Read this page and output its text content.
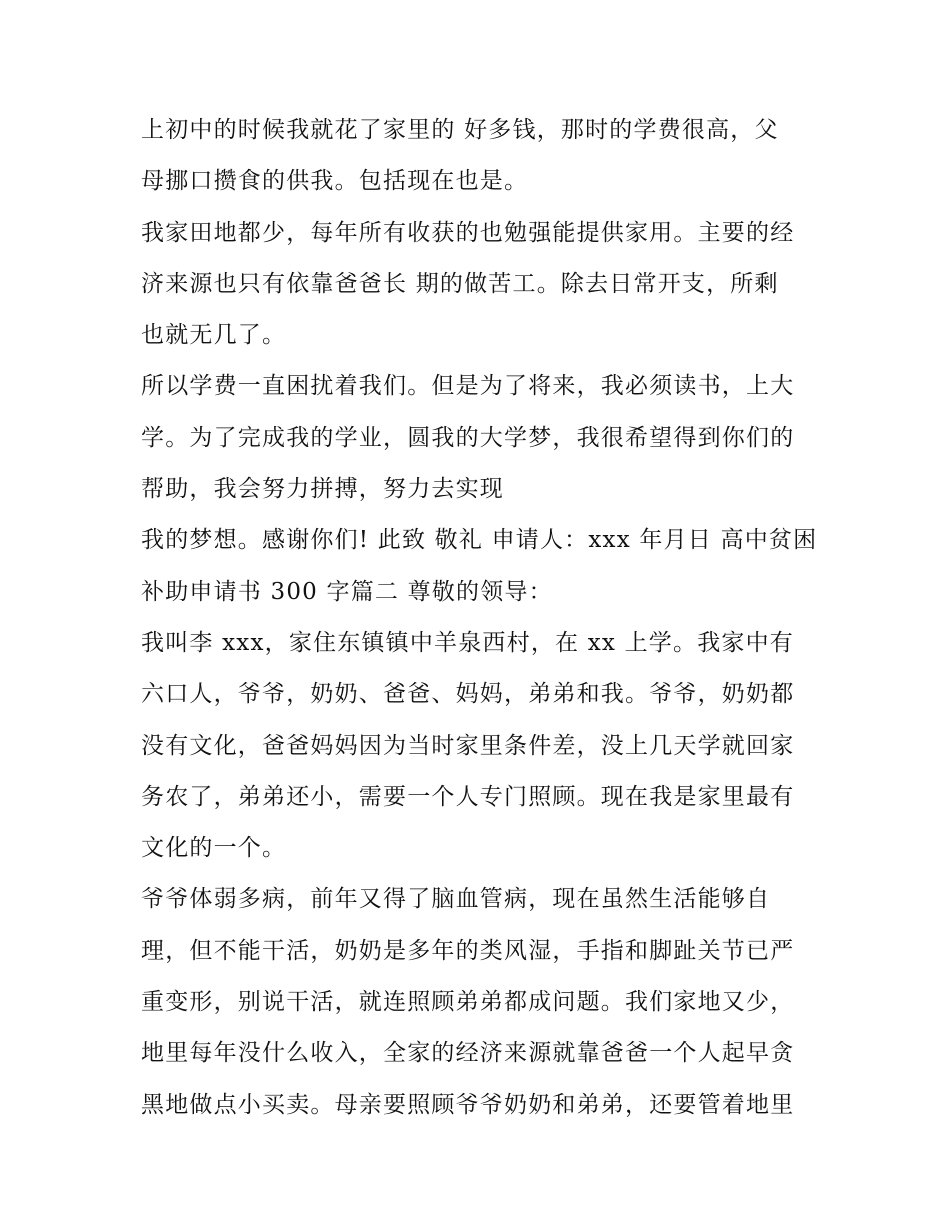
上初中的时候我就花了家里的 好多钱，那时的学费很高，父
母挪口攒食的供我。包括现在也是。
我家田地都少，每年所有收获的也勉强能提供家用。主要的经
济来源也只有依靠爸爸长 期的做苦工。除去日常开支，所剩
也就无几了。
所以学费一直困扰着我们。但是为了将来，我必须读书，上大
学。为了完成我的学业，圆我的大学梦，我很希望得到你们的
帮助，我会努力拼搏，努力去实现
我的梦想。感谢你们! 此致 敬礼 申请人：xxx 年月日 高中贫困
补助申请书 300 字篇二 尊敬的领导：
我叫李 xxx，家住东镇镇中羊泉西村，在 xx 上学。我家中有
六口人，爷爷，奶奶、爸爸、妈妈，弟弟和我。爷爷，奶奶都
没有文化，爸爸妈妈因为当时家里条件差，没上几天学就回家
务农了，弟弟还小，需要一个人专门照顾。现在我是家里最有
文化的一个。
爷爷体弱多病，前年又得了脑血管病，现在虽然生活能够自
理，但不能干活，奶奶是多年的类风湿，手指和脚趾关节已严
重变形，别说干活，就连照顾弟弟都成问题。我们家地又少，
地里每年没什么收入，全家的经济来源就靠爸爸一个人起早贪
黑地做点小买卖。母亲要照顾爷爷奶奶和弟弟，还要管着地里
